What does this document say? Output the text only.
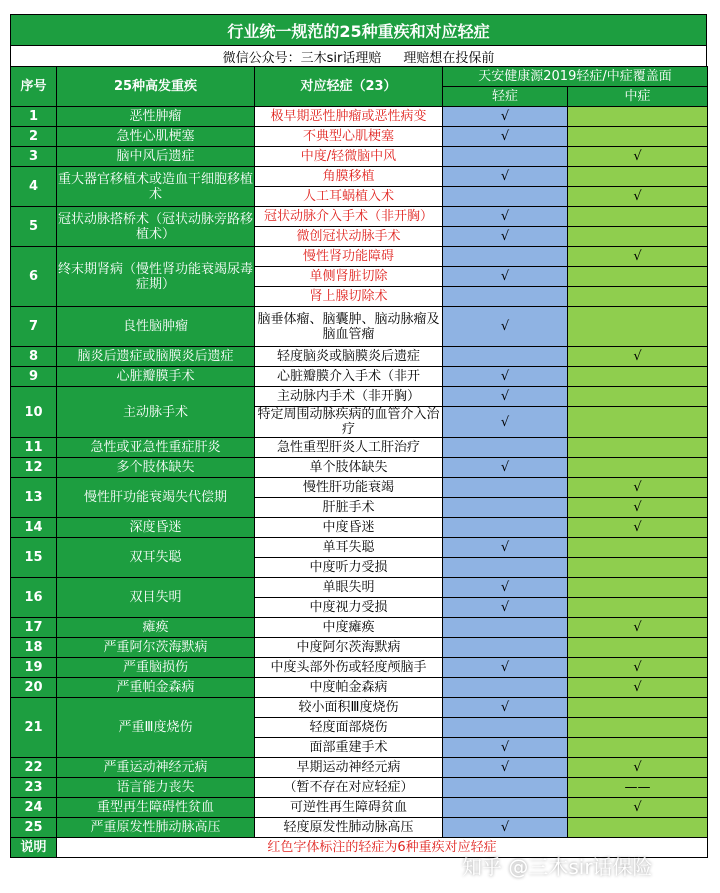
行业统一规范的25种重疾和对应轻症
微信公众号：三木sir话理赔 理赔想在投保前
序号	25种高发重疾	对应轻症（23）	天安健康源2019轻症/中症覆盖面	
			轻症	中症
1	恶性肿瘤	极早期恶性肿瘤或恶性病变	√	
2	急性心肌梗塞	不典型心肌梗塞	√	
3	脑中风后遗症	中度/轻微脑中风		√
4	重大器官移植术或造血干细胞移植术	角膜移植	√	
		人工耳蜗植入术		√
5	冠状动脉搭桥术（冠状动脉旁路移植术）	冠状动脉介入手术（非开胸）	√	
		微创冠状动脉手术	√	
6	终末期肾病（慢性肾功能衰竭尿毒症期）	慢性肾功能障碍		√
		单侧肾脏切除	√	
		肾上腺切除术		
7	良性脑肿瘤	脑垂体瘤、脑囊肿、脑动脉瘤及脑血管瘤	√	
8	脑炎后遗症或脑膜炎后遗症	轻度脑炎或脑膜炎后遗症		√
9	心脏瓣膜手术	心脏瓣膜介入手术（非开	√	
10	主动脉手术	主动脉内手术（非开胸）	√	
		特定周围动脉疾病的血管介入治疗	√	
11	急性或亚急性重症肝炎	急性重型肝炎人工肝治疗		
12	多个肢体缺失	单个肢体缺失	√	
13	慢性肝功能衰竭失代偿期	慢性肝功能衰竭		√
		肝脏手术		√
14	深度昏迷	中度昏迷		√
15	双耳失聪	单耳失聪	√	
		中度听力受损		
16	双目失明	单眼失明	√	
		中度视力受损	√	
17	瘫痪	中度瘫痪		√
18	严重阿尔茨海默病	中度阿尔茨海默病		
19	严重脑损伤	中度头部外伤或轻度颅脑手	√	√
20	严重帕金森病	中度帕金森病		√
21	严重Ⅲ度烧伤	较小面积Ⅲ度烧伤	√	
		轻度面部烧伤		
		面部重建手术	√	
22	严重运动神经元病	早期运动神经元病	√	√
23	语言能力丧失	（暂不存在对应轻症）		——
24	重型再生障碍性贫血	可逆性再生障碍贫血		√
25	严重原发性肺动脉高压	轻度原发性肺动脉高压	√	
说明	红色字体标注的轻症为6种重疾对应轻症			
知乎 @三木sir话保险
